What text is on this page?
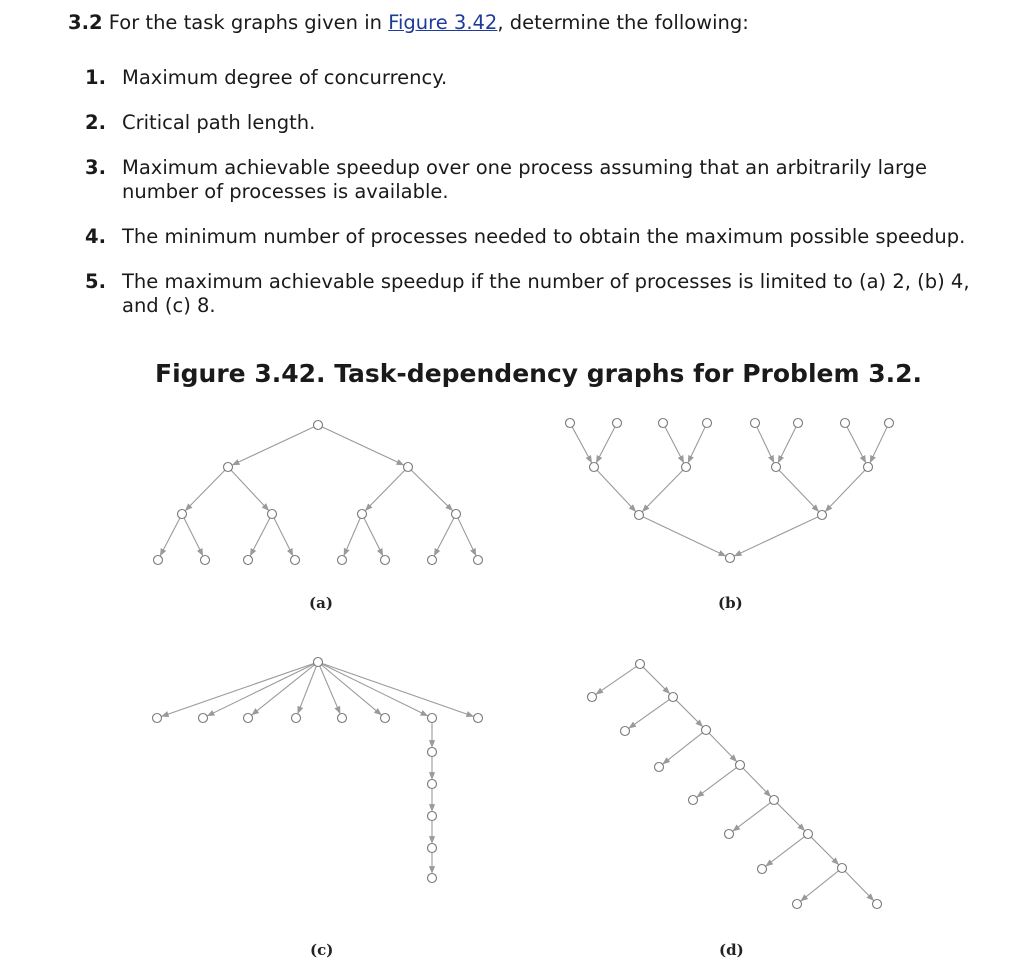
3.2 For the task graphs given in Figure 3.42, determine the following:
1. Maximum degree of concurrency.
2. Critical path length.
3. Maximum achievable speedup over one process assuming that an arbitrarily large number of processes is available.
4. The minimum number of processes needed to obtain the maximum possible speedup.
5. The maximum achievable speedup if the number of processes is limited to (a) 2, (b) 4, and (c) 8.
Figure 3.42. Task-dependency graphs for Problem 3.2.
(a)	(b)
(c)	(d)
